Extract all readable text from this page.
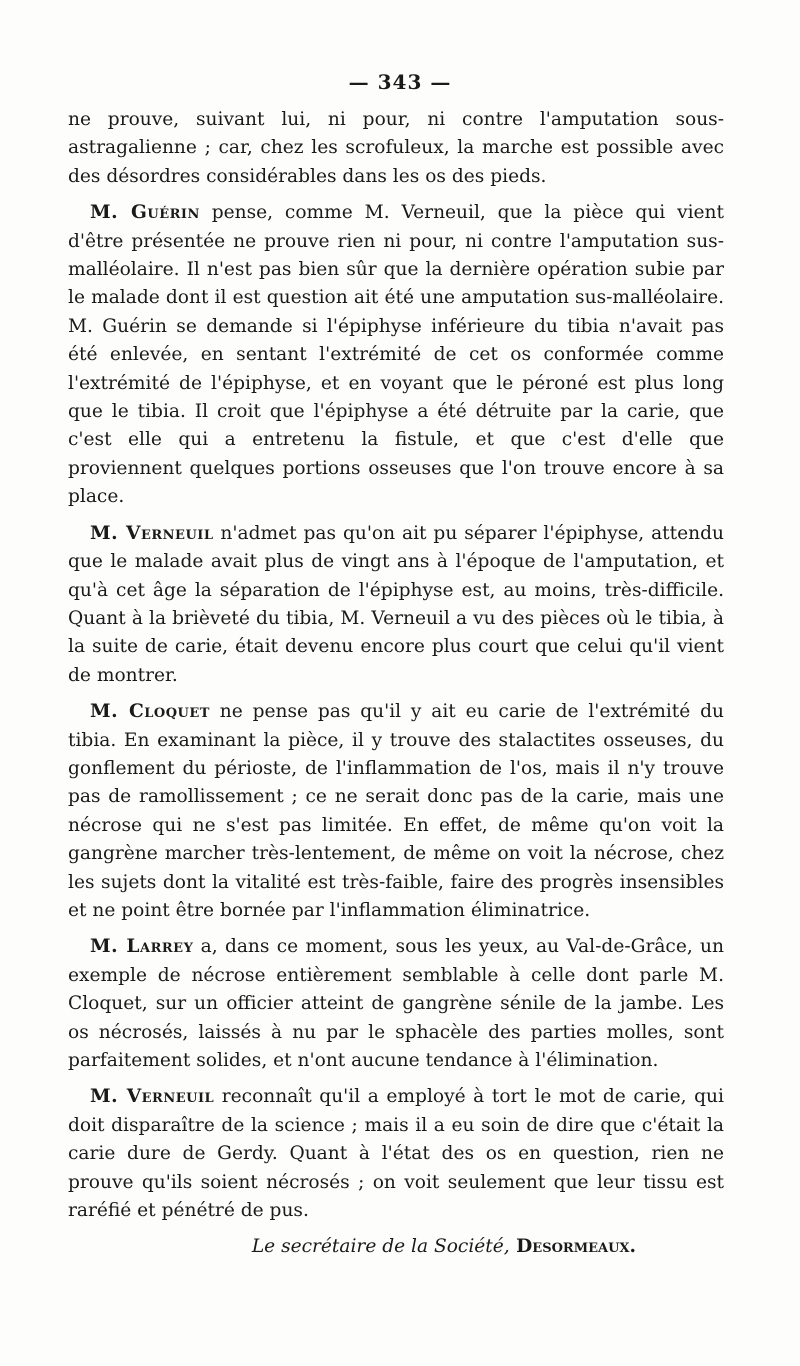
— 343 —

ne prouve, suivant lui, ni pour, ni contre l'amputation sous-astragalienne ; car, chez les scrofuleux, la marche est possible avec des désordres considérables dans les os des pieds.

M. Guérin pense, comme M. Verneuil, que la pièce qui vient d'être présentée ne prouve rien ni pour, ni contre l'amputation sus-malléolaire. Il n'est pas bien sûr que la dernière opération subie par le malade dont il est question ait été une amputation sus-malléolaire. M. Guérin se demande si l'épiphyse inférieure du tibia n'avait pas été enlevée, en sentant l'extrémité de cet os conformée comme l'extrémité de l'épiphyse, et en voyant que le péroné est plus long que le tibia. Il croit que l'épiphyse a été détruite par la carie, que c'est elle qui a entretenu la fistule, et que c'est d'elle que proviennent quelques portions osseuses que l'on trouve encore à sa place.

M. Verneuil n'admet pas qu'on ait pu séparer l'épiphyse, attendu que le malade avait plus de vingt ans à l'époque de l'amputation, et qu'à cet âge la séparation de l'épiphyse est, au moins, très-difficile. Quant à la brièveté du tibia, M. Verneuil a vu des pièces où le tibia, à la suite de carie, était devenu encore plus court que celui qu'il vient de montrer.

M. Cloquet ne pense pas qu'il y ait eu carie de l'extrémité du tibia. En examinant la pièce, il y trouve des stalactites osseuses, du gonflement du périoste, de l'inflammation de l'os, mais il n'y trouve pas de ramollissement ; ce ne serait donc pas de la carie, mais une nécrose qui ne s'est pas limitée. En effet, de même qu'on voit la gangrène marcher très-lentement, de même on voit la nécrose, chez les sujets dont la vitalité est très-faible, faire des progrès insensibles et ne point être bornée par l'inflammation éliminatrice.

M. Larrey a, dans ce moment, sous les yeux, au Val-de-Grâce, un exemple de nécrose entièrement semblable à celle dont parle M. Cloquet, sur un officier atteint de gangrène sénile de la jambe. Les os nécrosés, laissés à nu par le sphacèle des parties molles, sont parfaitement solides, et n'ont aucune tendance à l'élimination.

M. Verneuil reconnaît qu'il a employé à tort le mot de carie, qui doit disparaître de la science ; mais il a eu soin de dire que c'était la carie dure de Gerdy. Quant à l'état des os en question, rien ne prouve qu'ils soient nécrosés ; on voit seulement que leur tissu est raréfié et pénétré de pus.

Le secrétaire de la Société, Desormeaux.
